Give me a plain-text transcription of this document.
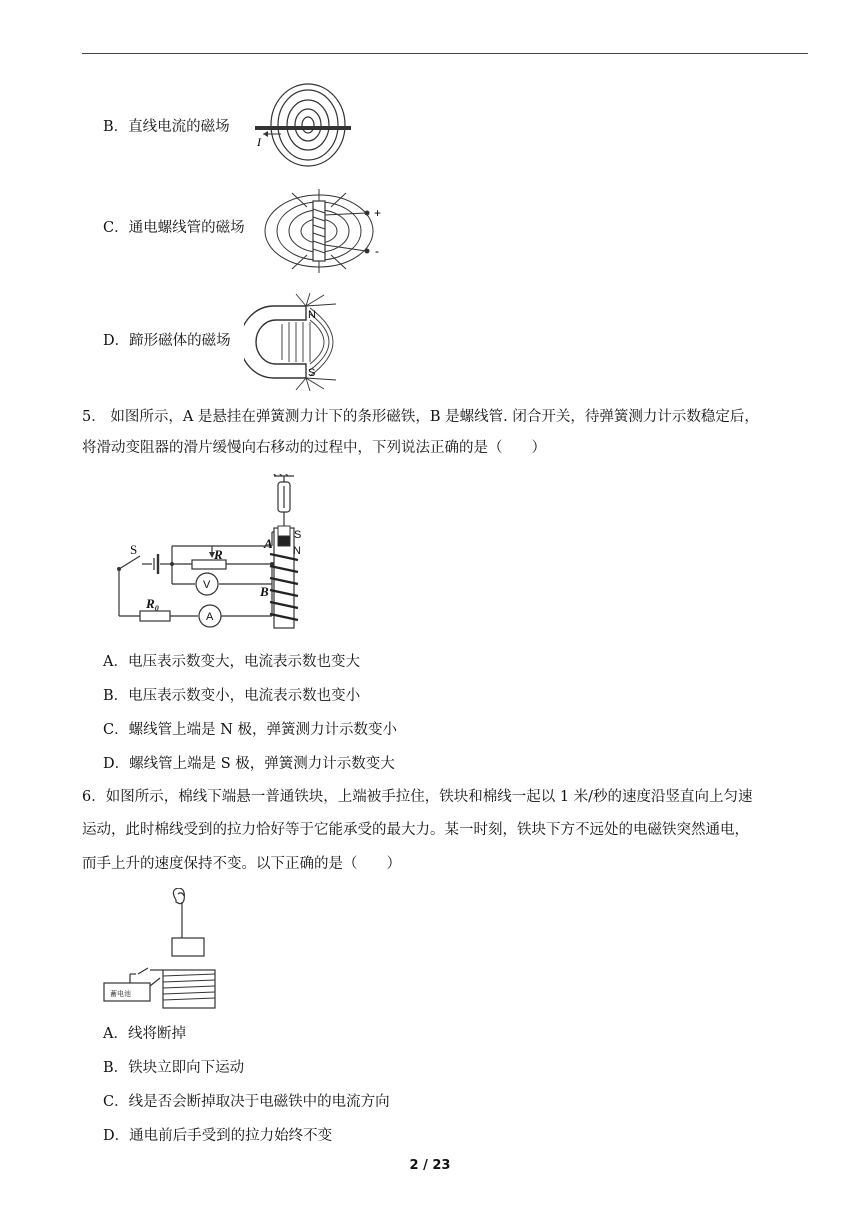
B．直线电流的磁场
I
C．通电螺线管的磁场
+
-
D．蹄形磁体的磁场
N
S
5． 如图所示，A 是悬挂在弹簧测力计下的条形磁铁，B 是螺线管. 闭合开关，待弹簧测力计示数稳定后，
将滑动变阻器的滑片缓慢向右移动的过程中，下列说法正确的是（　　）
S	R
A
B
R₀
V
A
S
N
A．电压表示数变大，电流表示数也变大
B．电压表示数变小，电流表示数也变小
C．螺线管上端是 N 极，弹簧测力计示数变小
D．螺线管上端是 S 极，弹簧测力计示数变大
6．如图所示，棉线下端悬一普通铁块，上端被手拉住，铁块和棉线一起以 1 米/秒的速度沿竖直向上匀速
运动，此时棉线受到的拉力恰好等于它能承受的最大力。某一时刻，铁块下方不远处的电磁铁突然通电，
而手上升的速度保持不变。以下正确的是（　　）
蓄电池
A．线将断掉
B．铁块立即向下运动
C．线是否会断掉取决于电磁铁中的电流方向
D．通电前后手受到的拉力始终不变
2 / 23
